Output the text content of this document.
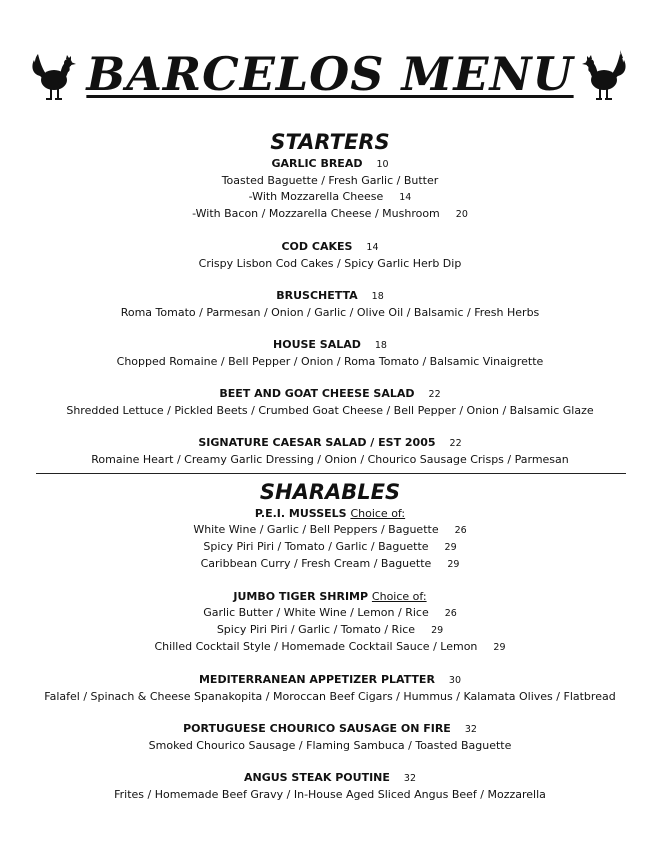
BARCELOS MENU
STARTERS
GARLIC BREAD 10
Toasted Baguette / Fresh Garlic / Butter
-With Mozzarella Cheese 14
-With Bacon / Mozzarella Cheese / Mushroom 20
COD CAKES 14
Crispy Lisbon Cod Cakes / Spicy Garlic Herb Dip
BRUSCHETTA 18
Roma Tomato / Parmesan / Onion / Garlic / Olive Oil / Balsamic / Fresh Herbs
HOUSE SALAD 18
Chopped Romaine / Bell Pepper / Onion / Roma Tomato / Balsamic Vinaigrette
BEET AND GOAT CHEESE SALAD 22
Shredded Lettuce / Pickled Beets / Crumbed Goat Cheese / Bell Pepper / Onion / Balsamic Glaze
SIGNATURE CAESAR SALAD / EST 2005 22
Romaine Heart / Creamy Garlic Dressing / Onion / Chourico Sausage Crisps / Parmesan
SHARABLES
P.E.I. MUSSELS Choice of:
White Wine / Garlic / Bell Peppers / Baguette 26
Spicy Piri Piri / Tomato / Garlic / Baguette 29
Caribbean Curry / Fresh Cream / Baguette 29
JUMBO TIGER SHRIMP Choice of:
Garlic Butter / White Wine / Lemon / Rice 26
Spicy Piri Piri / Garlic / Tomato / Rice 29
Chilled Cocktail Style / Homemade Cocktail Sauce / Lemon 29
MEDITERRANEAN APPETIZER PLATTER 30
Falafel / Spinach & Cheese Spanakopita / Moroccan Beef Cigars / Hummus / Kalamata Olives / Flatbread
PORTUGUESE CHOURICO SAUSAGE ON FIRE 32
Smoked Chourico Sausage / Flaming Sambuca / Toasted Baguette
ANGUS STEAK POUTINE 32
Frites / Homemade Beef Gravy / In-House Aged Sliced Angus Beef / Mozzarella
